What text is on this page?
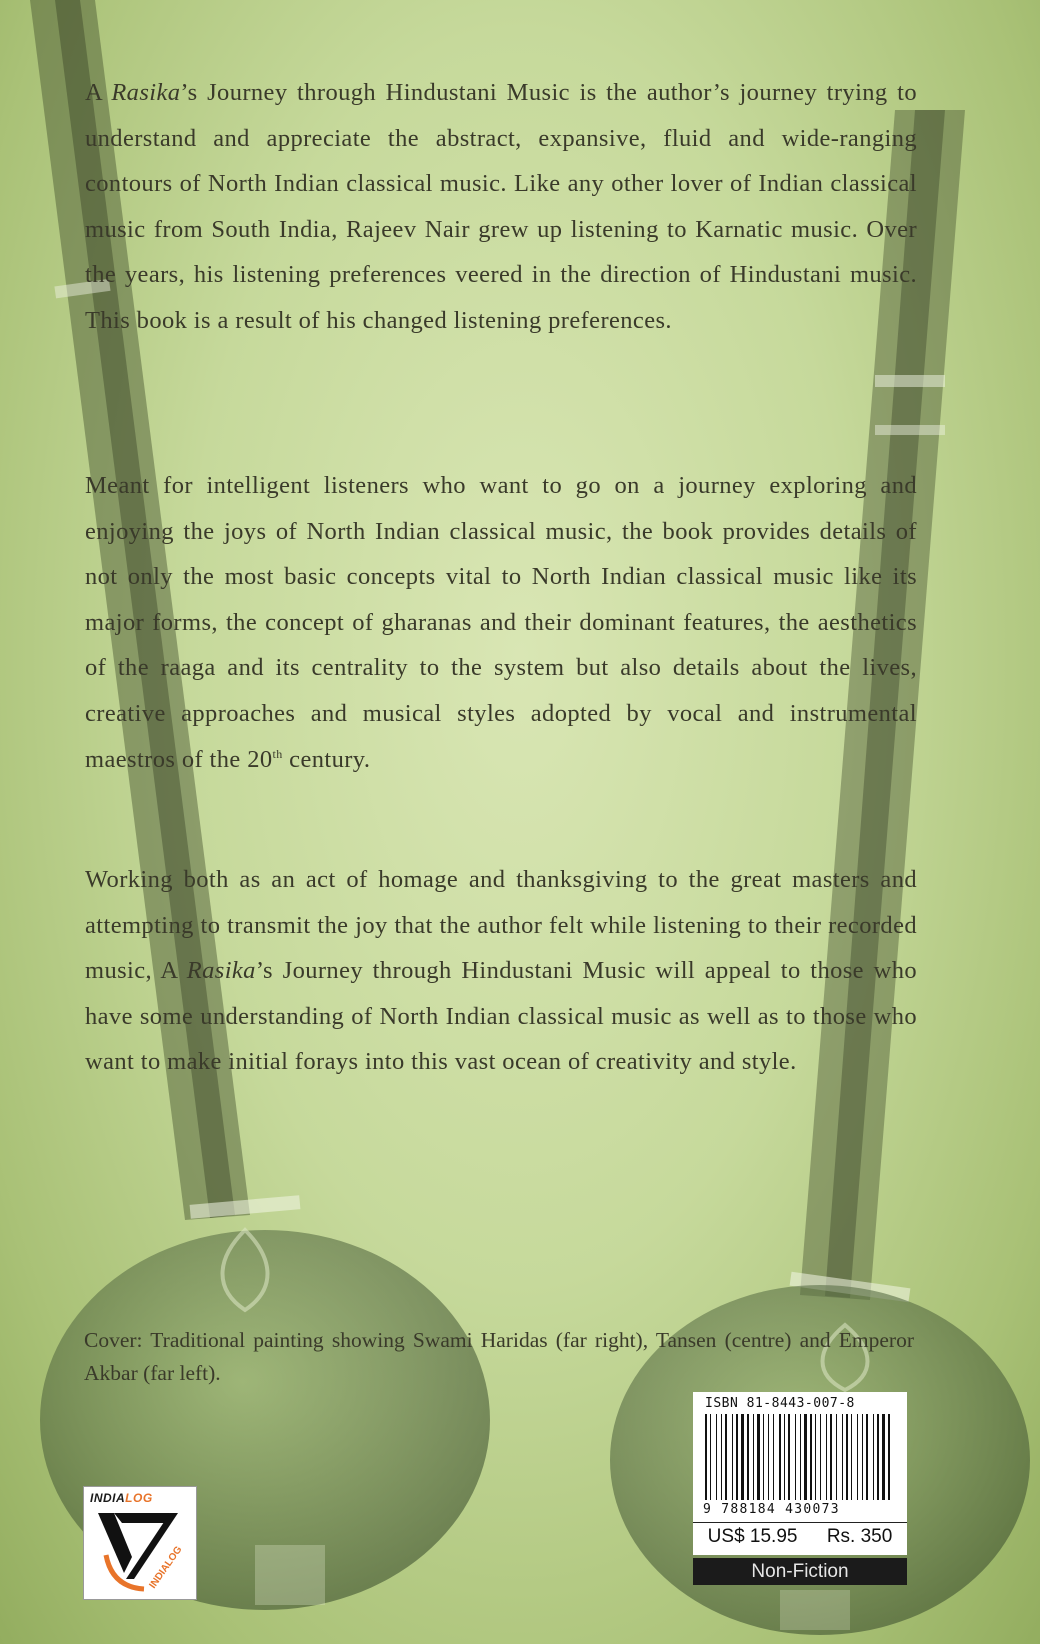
A Rasika’s Journey through Hindustani Music is the author’s journey trying to understand and appreciate the abstract, expansive, fluid and wide-ranging contours of North Indian classical music. Like any other lover of Indian classical music from South India, Rajeev Nair grew up listening to Karnatic music. Over the years, his listening preferences veered in the direction of Hindustani music. This book is a result of his changed listening preferences.

Meant for intelligent listeners who want to go on a journey exploring and enjoying the joys of North Indian classical music, the book provides details of not only the most basic concepts vital to North Indian classical music like its major forms, the concept of gharanas and their dominant features, the aesthetics of the raaga and its centrality to the system but also details about the lives, creative approaches and musical styles adopted by vocal and instrumental maestros of the 20th century.

Working both as an act of homage and thanksgiving to the great masters and attempting to transmit the joy that the author felt while listening to their recorded music, A Rasika’s Journey through Hindustani Music will appeal to those who have some understanding of North Indian classical music as well as to those who want to make initial forays into this vast ocean of creativity and style.

Cover: Traditional painting showing Swami Haridas (far right), Tansen (centre) and Emperor Akbar (far left).

INDIALOG
INDIALOG
ISBN 81-8443-007-8
9 788184 430073
US$ 15.95 Rs. 350
Non-Fiction
